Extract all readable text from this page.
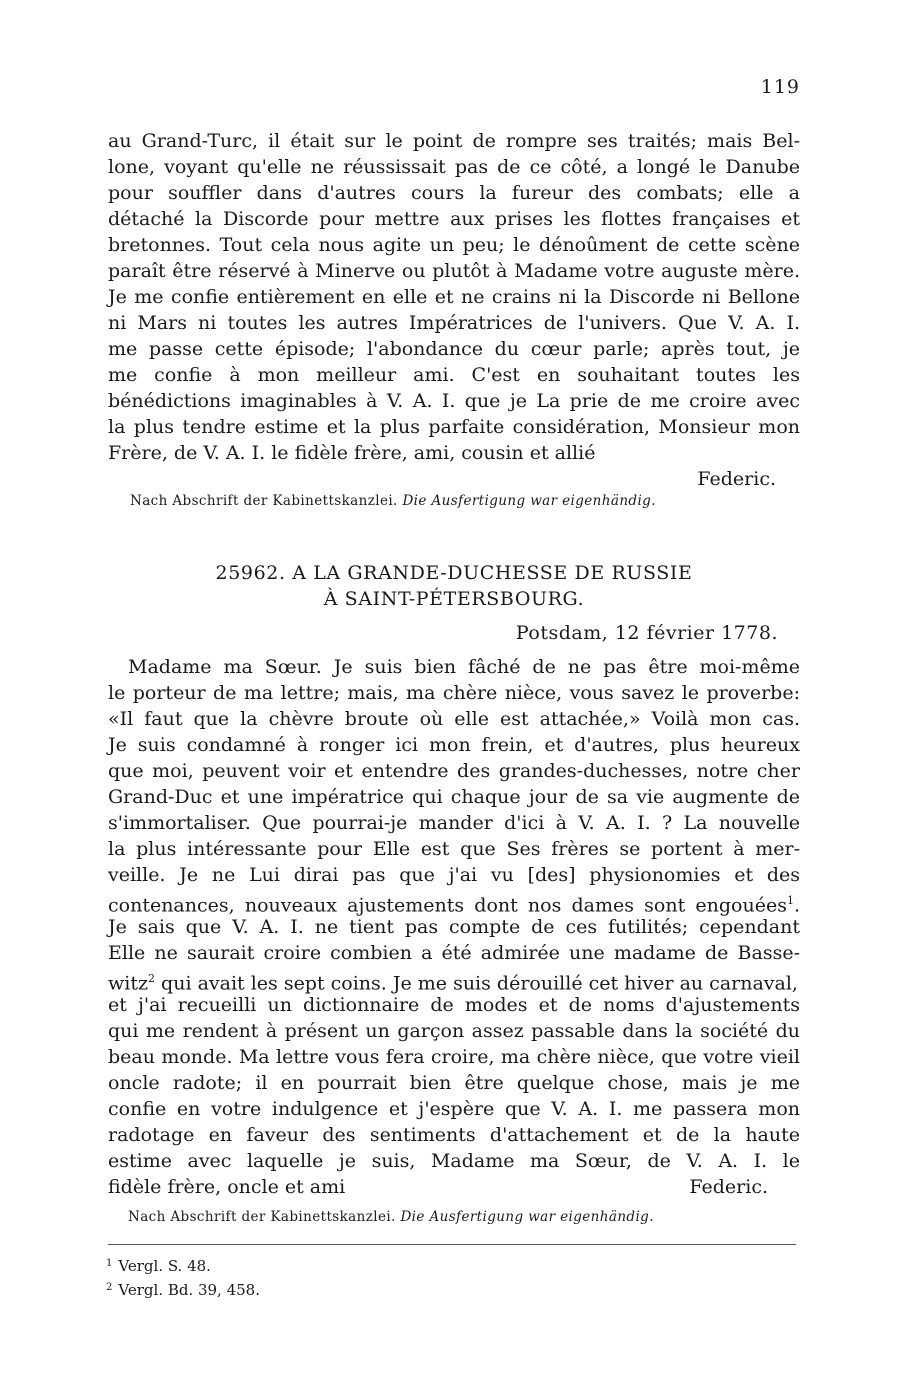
119
au Grand-Turc, il était sur le point de rompre ses traités; mais Bel-
lone, voyant qu'elle ne réussissait pas de ce côté, a longé le Danube
pour souffler dans d'autres cours la fureur des combats; elle a
détaché la Discorde pour mettre aux prises les flottes françaises et
bretonnes. Tout cela nous agite un peu; le dénoûment de cette scène
paraît être réservé à Minerve ou plutôt à Madame votre auguste mère.
Je me confie entièrement en elle et ne crains ni la Discorde ni Bellone
ni Mars ni toutes les autres Impératrices de l'univers. Que V. A. I.
me passe cette épisode; l'abondance du cœur parle; après tout, je
me confie à mon meilleur ami. C'est en souhaitant toutes les
bénédictions imaginables à V. A. I. que je La prie de me croire avec
la plus tendre estime et la plus parfaite considération, Monsieur mon
Frère, de V. A. I. le fidèle frère, ami, cousin et allié
Federic.
Nach Abschrift der Kabinettskanzlei. Die Ausfertigung war eigenhändig.
25962. A LA GRANDE-DUCHESSE DE RUSSIE
À SAINT-PÉTERSBOURG.
Potsdam, 12 février 1778.
Madame ma Sœur. Je suis bien fâché de ne pas être moi-même
le porteur de ma lettre; mais, ma chère nièce, vous savez le proverbe:
«Il faut que la chèvre broute où elle est attachée,» Voilà mon cas.
Je suis condamné à ronger ici mon frein, et d'autres, plus heureux
que moi, peuvent voir et entendre des grandes-duchesses, notre cher
Grand-Duc et une impératrice qui chaque jour de sa vie augmente de
s'immortaliser. Que pourrai-je mander d'ici à V. A. I. ? La nouvelle
la plus intéressante pour Elle est que Ses frères se portent à mer-
veille. Je ne Lui dirai pas que j'ai vu [des] physionomies et des
contenances, nouveaux ajustements dont nos dames sont engouées$^1$.
Je sais que V. A. I. ne tient pas compte de ces futilités; cependant
Elle ne saurait croire combien a été admirée une madame de Basse-
witz$^2$ qui avait les sept coins. Je me suis dérouillé cet hiver au carnaval,
et j'ai recueilli un dictionnaire de modes et de noms d'ajustements
qui me rendent à présent un garçon assez passable dans la société du
beau monde. Ma lettre vous fera croire, ma chère nièce, que votre vieil
oncle radote; il en pourrait bien être quelque chose, mais je me
confie en votre indulgence et j'espère que V. A. I. me passera mon
radotage en faveur des sentiments d'attachement et de la haute
estime avec laquelle je suis, Madame ma Sœur, de V. A. I. le
fidèle frère, oncle et ami	Federic.
Nach Abschrift der Kabinettskanzlei. Die Ausfertigung war eigenhändig.
$^1$ Vergl. S. 48.
$^2$ Vergl. Bd. 39, 458.
